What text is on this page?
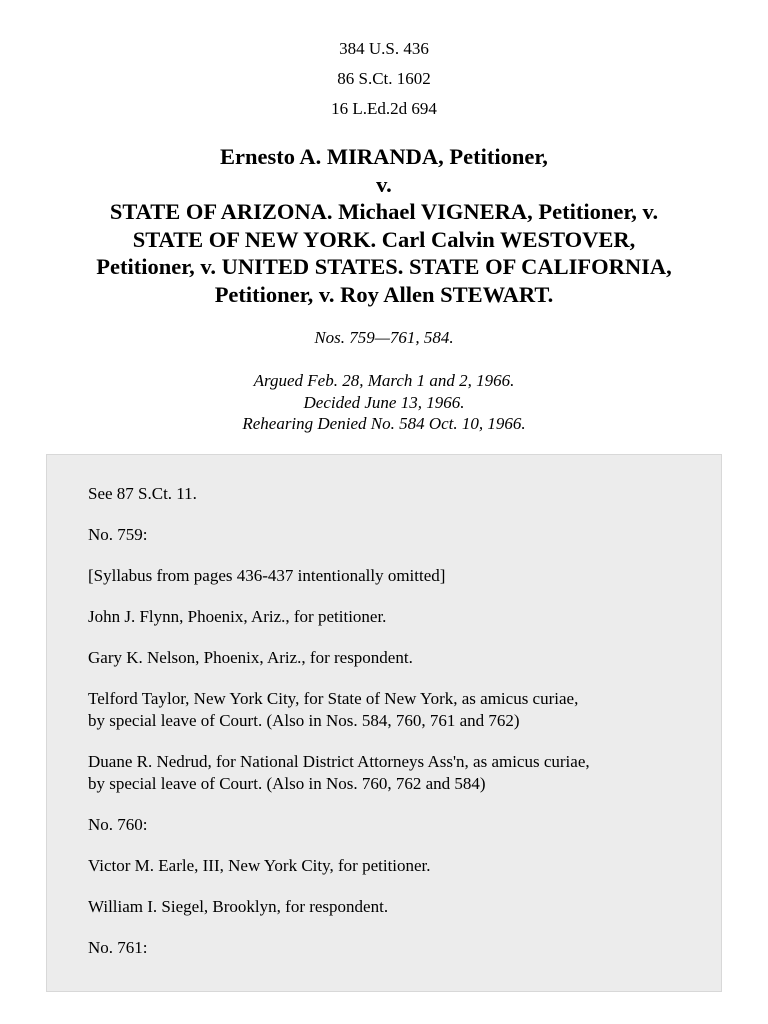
384 U.S. 436
86 S.Ct. 1602
16 L.Ed.2d 694
Ernesto A. MIRANDA, Petitioner,
v.
STATE OF ARIZONA. Michael VIGNERA, Petitioner, v.
STATE OF NEW YORK. Carl Calvin WESTOVER,
Petitioner, v. UNITED STATES. STATE OF CALIFORNIA,
Petitioner, v. Roy Allen STEWART.
Nos. 759—761, 584.
Argued Feb. 28, March 1 and 2, 1966.
Decided June 13, 1966.
Rehearing Denied No. 584 Oct. 10, 1966.

See 87 S.Ct. 11.

No. 759:

[Syllabus from pages 436-437 intentionally omitted]

John J. Flynn, Phoenix, Ariz., for petitioner.

Gary K. Nelson, Phoenix, Ariz., for respondent.

Telford Taylor, New York City, for State of New York, as amicus curiae,
by special leave of Court. (Also in Nos. 584, 760, 761 and 762)

Duane R. Nedrud, for National District Attorneys Ass'n, as amicus curiae,
by special leave of Court. (Also in Nos. 760, 762 and 584)

No. 760:

Victor M. Earle, III, New York City, for petitioner.

William I. Siegel, Brooklyn, for respondent.

No. 761:
